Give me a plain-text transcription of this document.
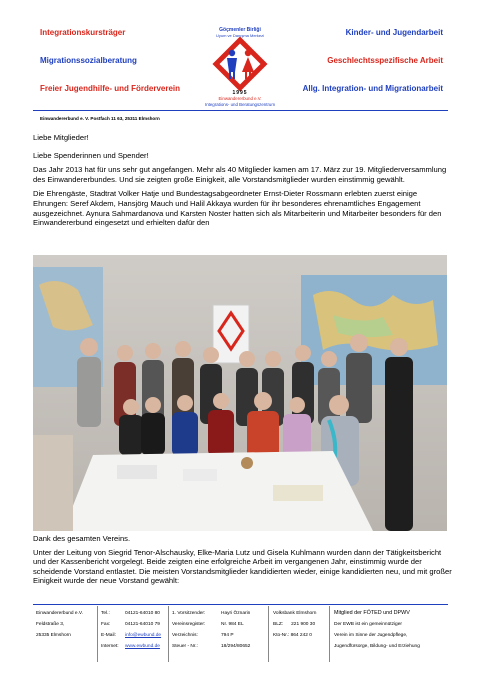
Integrationskursträger
Migrationssozialberatung
Freier Jugendhilfe- und Förderverein
Kinder- und Jugendarbeit
Geschlechtsspezifische Arbeit
Allg. Integration- und Migrationarbeit
Göçmenler Birliği
Uyum ve Danışma Merkezi
1995
Einwandererbund e.V.
Integrations- und Beratungszentrum
Einwandererbund e. V. Postfach 11 63, 25311 Elmshorn

Liebe Mitglieder!

Liebe Spenderinnen und Spender!

Das Jahr 2013 hat für uns sehr gut angefangen. Mehr als 40 Mitglieder kamen am 17. März zur 19. Mitgliederversammlung des Einwandererbundes. Und sie zeigten große Einigkeit, alle Vorstandsmitglieder wurden einstimmig gewählt.

Die Ehrengäste, Stadtrat Volker Hatje und Bundestagsabgeordneter Ernst-Dieter Rossmann erlebten zuerst einige Ehrungen: Seref Akdem, Hansjörg Mauch und Halil Akkaya wurden für ihr besonderes ehrenamtliches Engagement ausgezeichnet. Aynura Sahmardanova und Karsten Noster hatten sich als Mitarbeiterin und Mitarbeiter besonders für den Einwandererbund eingesetzt und erhielten dafür den

Dank des gesamten Vereins.

Unter der Leitung von Siegrid Tenor-Alschausky, Elke-Maria Lutz und Gisela Kuhlmann wurden dann der Tätigkeitsbericht und der Kassenbericht vorgelegt. Beide zeigten eine erfolgreiche Arbeit im vergangenen Jahr, einstimmig wurde der scheidende Vorstand entlastet. Die meisten Vorstandsmitglieder kandidierten wieder, einige kandidierten neu, und mit großer Einigkeit wurde der neue Vorstand gewählt:

Einwandererbund e.V.
Feldstraße 3,
25335 Elmshorn
Tel.:
Fax:
E-Mail:
Internet:
04121-64010 80
04121-64010 79
info@ewbund.de
www.ewbund.de
1. Vorsitzender:
Vereinsregister:
Verzeichnis:
Steuer - Nr.:
Hayri Öznarin
Nr. 984 EL
794 P
18/294/80652
Volksbank Elmshorn
BLZ:      221 900 30
Kto-Nr.: 864 242 0
Mitglied der FÖTED und DPWV
Der EWB ist ein gemeinnütziger
Verein im Sinne der Jugendpflege,
Jugendfürsorge, Bildung- und Erziehung
